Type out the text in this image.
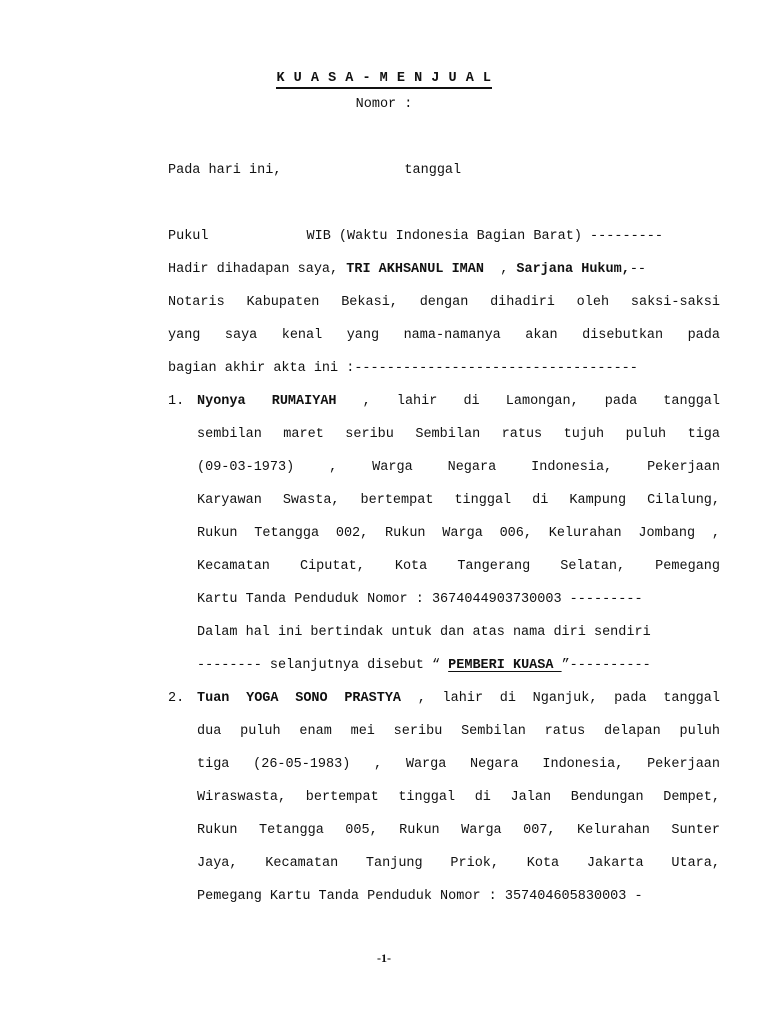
K U A S A - M E N J U A L
Nomor :
Pada hari ini,	tanggal
Pukul	WIB (Waktu Indonesia Bagian Barat) ---------
Hadir dihadapan saya, TRI AKHSANUL IMAN , Sarjana Hukum,--
Notaris Kabupaten Bekasi, dengan dihadiri oleh saksi-saksi
yang saya kenal yang nama-namanya akan disebutkan pada
bagian akhir akta ini :-----------------------------------
1. Nyonya RUMAIYAH , lahir di Lamongan, pada tanggal
sembilan maret seribu Sembilan ratus tujuh puluh tiga
(09-03-1973) , Warga Negara Indonesia, Pekerjaan
Karyawan Swasta, bertempat tinggal di Kampung Cilalung,
Rukun Tetangga 002, Rukun Warga 006, Kelurahan Jombang ,
Kecamatan Ciputat, Kota Tangerang Selatan, Pemegang
Kartu Tanda Penduduk Nomor : 3674044903730003 ---------
Dalam hal ini bertindak untuk dan atas nama diri sendiri
-------- selanjutnya disebut “ PEMBERI KUASA ”----------
2. Tuan YOGA SONO PRASTYA , lahir di Nganjuk, pada tanggal
dua puluh enam mei seribu Sembilan ratus delapan puluh
tiga (26-05-1983) , Warga Negara Indonesia, Pekerjaan
Wiraswasta, bertempat tinggal di Jalan Bendungan Dempet,
Rukun Tetangga 005, Rukun Warga 007, Kelurahan Sunter
Jaya, Kecamatan Tanjung Priok, Kota Jakarta Utara,
Pemegang Kartu Tanda Penduduk Nomor : 357404605830003 -
-1-
